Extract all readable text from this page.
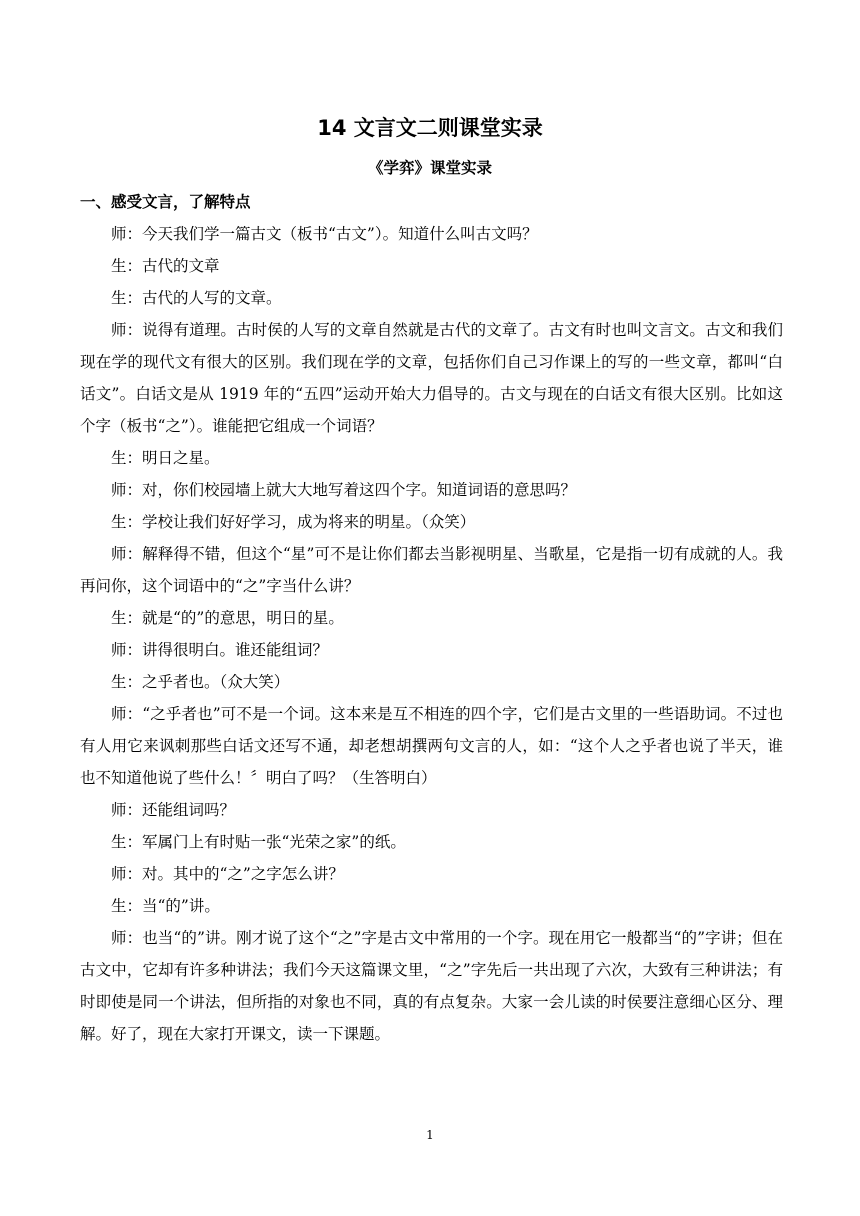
14 文言文二则课堂实录
《学弈》课堂实录

一、感受文言，了解特点

师：今天我们学一篇古文（板书“古文”）。知道什么叫古文吗？

生：古代的文章

生：古代的人写的文章。

师：说得有道理。古时侯的人写的文章自然就是古代的文章了。古文有时也叫文言文。古文和我们现在学的现代文有很大的区别。我们现在学的文章，包括你们自己习作课上的写的一些文章，都叫“白话文”。白话文是从 1919 年的“五四”运动开始大力倡导的。古文与现在的白话文有很大区别。比如这个字（板书“之”）。谁能把它组成一个词语？

生：明日之星。

师：对，你们校园墙上就大大地写着这四个字。知道词语的意思吗？

生：学校让我们好好学习，成为将来的明星。（众笑）

师：解释得不错，但这个“星”可不是让你们都去当影视明星、当歌星，它是指一切有成就的人。我再问你，这个词语中的“之”字当什么讲？

生：就是“的”的意思，明日的星。

师：讲得很明白。谁还能组词？

生：之乎者也。（众大笑）

师：“之乎者也”可不是一个词。这本来是互不相连的四个字，它们是古文里的一些语助词。不过也有人用它来讽刺那些白话文还写不通，却老想胡撰两句文言的人，如：“这个人之乎者也说了半天，谁也不知道他说了些什么！〞明白了吗？（生答明白）

师：还能组词吗？

生：军属门上有时贴一张“光荣之家”的纸。

师：对。其中的“之”之字怎么讲？

生：当“的”讲。

师：也当“的”讲。刚才说了这个“之”字是古文中常用的一个字。现在用它一般都当“的”字讲；但在古文中，它却有许多种讲法；我们今天这篇课文里，“之”字先后一共出现了六次，大致有三种讲法；有时即使是同一个讲法，但所指的对象也不同，真的有点复杂。大家一会儿读的时侯要注意细心区分、理解。好了，现在大家打开课文，读一下课题。

1
